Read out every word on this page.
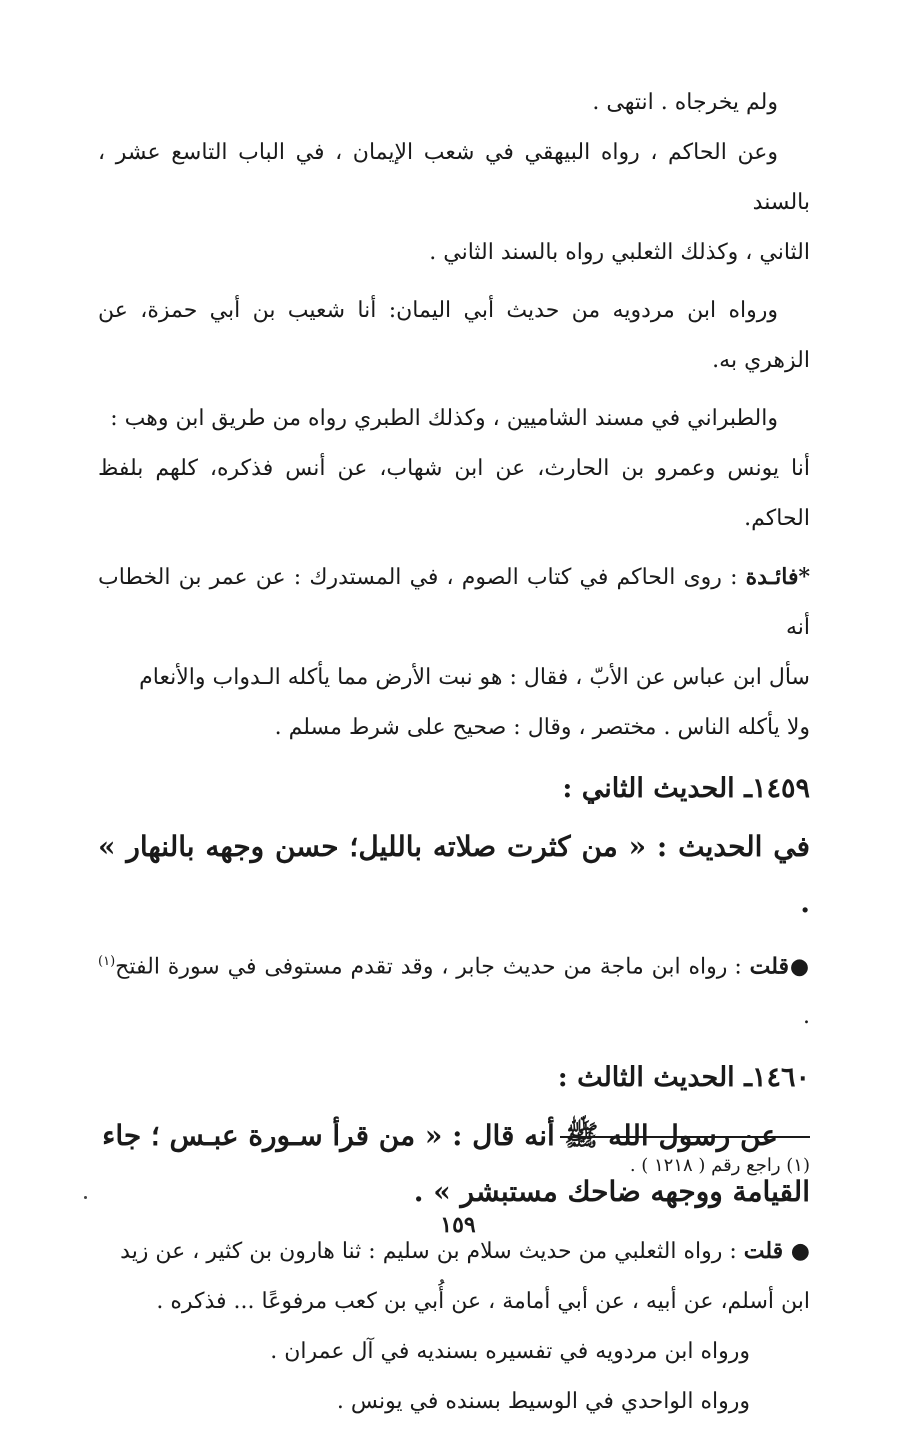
ولم يخرجاه . انتهى .

وعن الحاكم ، رواه البيهقي في شعب الإيمان ، في الباب التاسع عشر ، بالسند

الثاني ، وكذلك الثعلبي رواه بالسند الثاني .

ورواه ابن مردويه من حديث أبي اليمان: أنا شعيب بن أبي حمزة، عن الزهري به.

والطبراني في مسند الشاميين ، وكذلك الطبري رواه من طريق ابن وهب :

أنا يونس وعمرو بن الحارث، عن ابن شهاب، عن أنس فذكره، كلهم بلفظ الحاكم.

*فائـدة : روى الحاكم في كتاب الصوم ، في المستدرك : عن عمر بن الخطاب أنه

سأل ابن عباس عن الأبّ ، فقال : هو نبت الأرض مما يأكله الـدواب والأنعام

ولا يأكله الناس . مختصر ، وقال : صحيح على شرط مسلم .

١٤٥٩ـ الحديث الثاني :
في الحديث : « من كثرت صلاته بالليل؛ حسن وجهه بالنهار » .

●قلت : رواه ابن ماجة من حديث جابر ، وقد تقدم مستوفى في سورة الفتح$^{(١)}$ .

١٤٦٠ـ الحديث الثالث :
عن رسول الله ﷺ أنه قال : « من قرأ سـورة عبـس ؛ جاء
القيامة ووجهه ضاحك مستبشر » .

● قلت : رواه الثعلبي من حديث سلام بن سليم : ثنا هارون بن كثير ، عن زيد

ابن أسلم، عن أبيه ، عن أبي أمامة ، عن أُبي بن كعب مرفوعًا ... فذكره .

ورواه ابن مردويه في تفسيره بسنديه في آل عمران .

ورواه الواحدي في الوسيط بسنده في يونس .

(١) راجع رقم ( ١٢١٨ ) .
١٥٩
